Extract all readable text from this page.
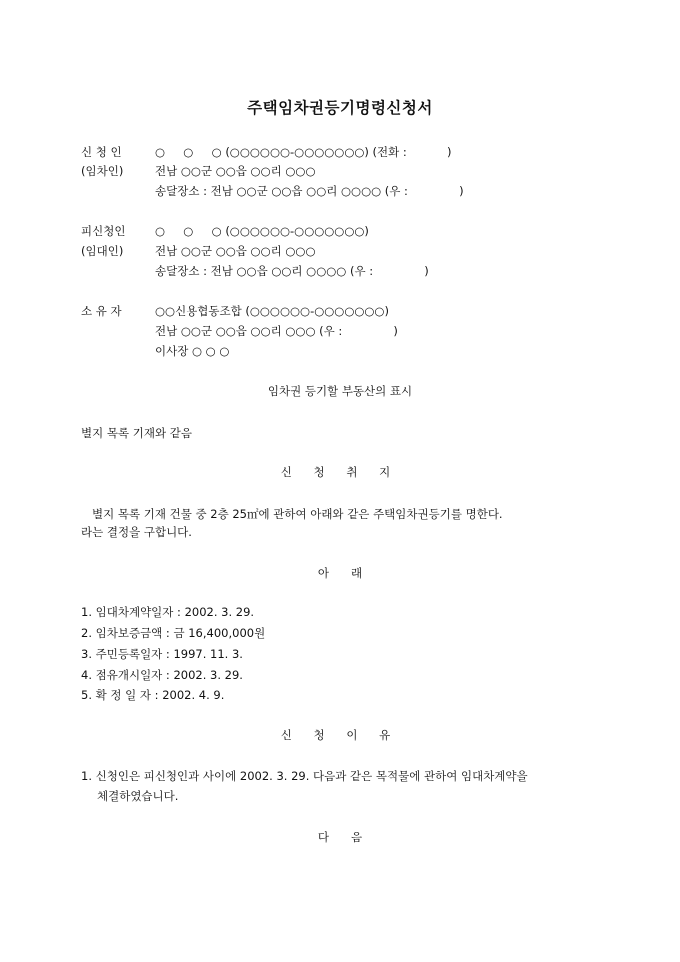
주택임차권등기명령신청서
신 청 인	○     ○     ○ (○○○○○○-○○○○○○○) (전화 :           )
(임차인)	전남 ○○군 ○○읍 ○○리 ○○○
송달장소 : 전남 ○○군 ○○읍 ○○리 ○○○○ (우 :              )
피신청인	○     ○     ○ (○○○○○○-○○○○○○○)
(임대인)	전남 ○○군 ○○읍 ○○리 ○○○
송달장소 : 전남 ○○읍 ○○리 ○○○○ (우 :              )
소 유 자	○○신용협동조합 (○○○○○○-○○○○○○○)
전남 ○○군 ○○읍 ○○리 ○○○ (우 :              )
이사장 ○ ○ ○
임차권 등기할 부동산의 표시
별지 목록 기재와 같음
신 청 취 지
별지 목록 기재 건물 중 2층 25㎡에 관하여 아래와 같은 주택임차권등기를 명한다.
라는 결정을 구합니다.
아      래
1. 임대차계약일자 : 2002. 3. 29.
2. 임차보증금액 : 금 16,400,000원
3. 주민등록일자 : 1997. 11. 3.
4. 점유개시일자 : 2002. 3. 29.
5. 확 정 일 자 : 2002. 4. 9.
신 청 이 유
1. 신청인은 피신청인과 사이에 2002. 3. 29. 다음과 같은 목적물에 관하여 임대차계약을
체결하였습니다.
다      음
